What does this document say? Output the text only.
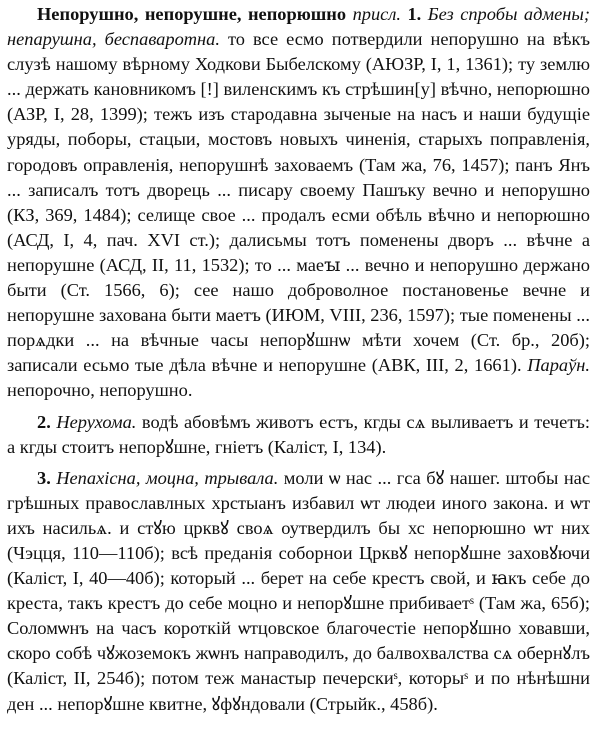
Непорушно, непорушне, непорюшно присл. 1. Без спробы адмены; непарушна, беспаваротна. то все есмо потвердили непорушно на вѣкъ слузѣ нашому вѣрному Ходкови Быбелскому (АЮЗР, I, 1, 1361); ту землю ... держать кановникомъ [!] виленскимъ къ стрѣшин[у] вѣчно, непорюшно (АЗР, I, 28, 1399); тежъ изъ стародавна зыченые на насъ и наши будущіе уряды, поборы, стацыи, мостовъ новыхъ чиненія, старыхъ поправленія, городовъ оправленія, непорушнѣ заховаемъ (Там жа, 76, 1457); панъ Янъ ... записалъ тотъ дворець ... писару своему Пашъку вечно и непорушно (КЗ, 369, 1484); селище свое ... продалъ есми обѣль вѣчно и непорюшно (АСД, I, 4, пач. XVI ст.); далисьмы тотъ поменены дворъ ... вѣчне а непорушне (АСД, II, 11, 1532); то ... маеꙑ ... вечно и непорушно держано быти (Ст. 1566, 6); сее нашо доброволное постановенье вечне и непорушне захована быти маетъ (ИЮМ, VIII, 236, 1597); тые поменены ... порѧдки ... на вѣчные часы непорꙋшнѡ мѣти хочем (Ст. бр., 20б); записали есьмо тые дѣла вѣчне и непорушне (АВК, III, 2, 1661). Параўн. непорочно, непорушно.

2. Нерухома. водѣ абовѣмъ животъ естъ, кгды сѧ выливаетъ и течетъ: а кгды стоитъ непорꙋшне, гніетъ (Каліст, I, 134).

3. Непахісна, моцна, трывала. моли ѡ нас ... гса бꙋ нашег. штобы нас грѣшных православлных хрстыанъ избавил ѡт людеи иного закона. и ѡт ихъ насильѧ. и стꙋю црквꙋ своѧ оутвердилъ бы хс непорюшно ѡт них (Чэцця, 110—110б); всѣ преданія соборнои Црквꙋ непорꙋшне заховꙋючи (Каліст, I, 40—40б); который ... берет на себе крестъ свой, и ꙗкъ себе до креста, такъ крестъ до себе моцно и непорꙋшне прибиваетˢ (Там жа, 65б); Соломѡнъ на часъ короткій ѡтцовское благочестіе непорꙋшно ховавши, скоро собѣ чꙋжоземокъ жѡнъ направодилъ, до балвохвалства сѧ обернꙋлъ (Каліст, II, 254б); потом теж манастыр печерскиˢ, которыˢ и по нѣнѣшни ден ... непорꙋшне квитне, ꙋфꙋндовали (Стрыйк., 458б).
